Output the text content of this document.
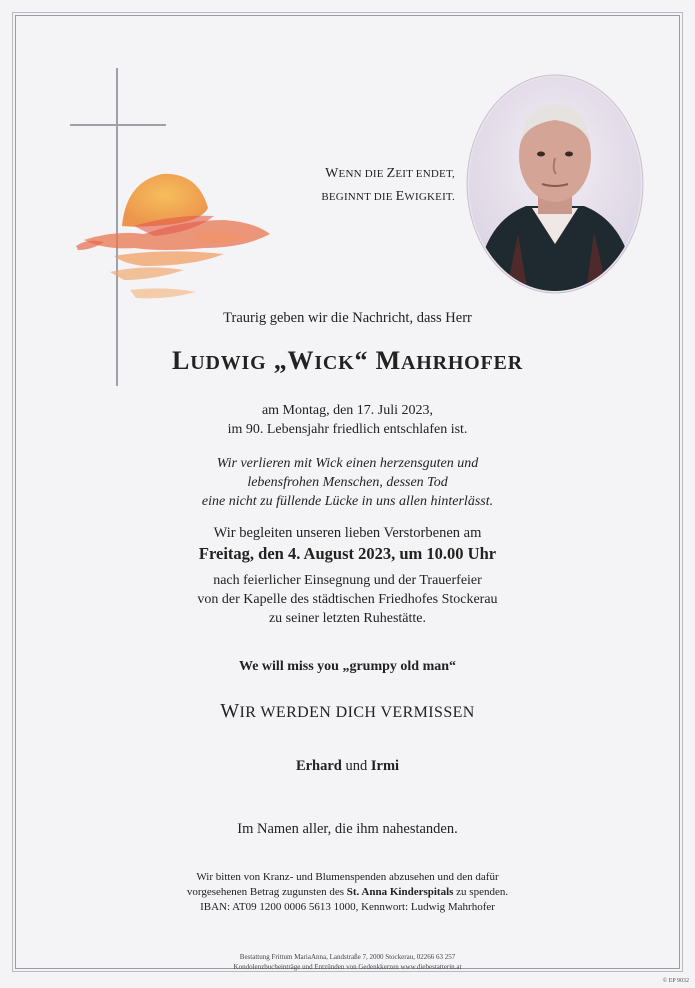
WENN DIE ZEIT ENDET,
BEGINNT DIE EWIGKEIT.
Traurig geben wir die Nachricht, dass Herr
LUDWIG „WICK“ MAHRHOFER
am Montag, den 17. Juli 2023,
im 90. Lebensjahr friedlich entschlafen ist.
Wir verlieren mit Wick einen herzensguten und
lebensfrohen Menschen, dessen Tod
eine nicht zu füllende Lücke in uns allen hinterlässt.
Wir begleiten unseren lieben Verstorbenen am
Freitag, den 4. August 2023, um 10.00 Uhr
nach feierlicher Einsegnung und der Trauerfeier
von der Kapelle des städtischen Friedhofes Stockerau
zu seiner letzten Ruhestätte.
We will miss you „grumpy old man“
WIR WERDEN DICH VERMISSEN
Erhard und Irmi
Im Namen aller, die ihm nahestanden.
Wir bitten von Kranz- und Blumenspenden abzusehen und den dafür
vorgesehenen Betrag zugunsten des St. Anna Kinderspitals zu spenden.
IBAN: AT09 1200 0006 5613 1000, Kennwort: Ludwig Mahrhofer
Bestattung Frittum MariaAnna, Landstraße 7, 2000 Stockerau, 02266 63 257
Kondolenzbucheinträge und Entzünden von Gedenkkerzen www.diebestatterin.at
© EP 9032
